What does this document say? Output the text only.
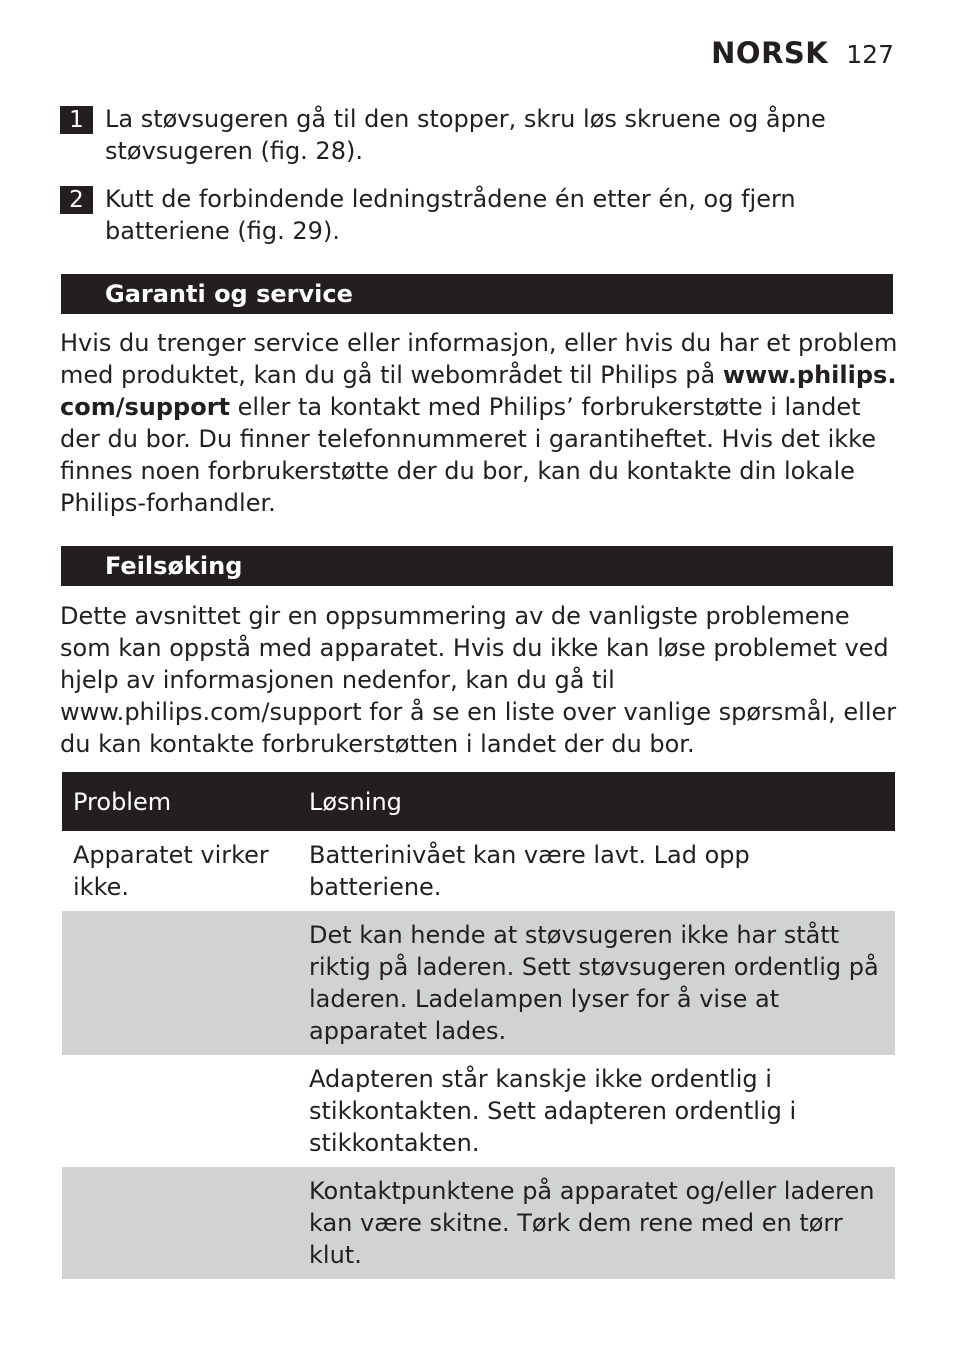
NORSK 127
1 La støvsugeren gå til den stopper, skru løs skruene og åpne støvsugeren (fig. 28).
2 Kutt de forbindende ledningstrådene én etter én, og fjern batteriene (fig. 29).
Garanti og service

Hvis du trenger service eller informasjon, eller hvis du har et problem med produktet, kan du gå til webområdet til Philips på www.philips. com/support eller ta kontakt med Philips’ forbrukerstøtte i landet der du bor. Du finner telefonnummeret i garantiheftet. Hvis det ikke finnes noen forbrukerstøtte der du bor, kan du kontakte din lokale Philips-forhandler.

Feilsøking

Dette avsnittet gir en oppsummering av de vanligste problemene som kan oppstå med apparatet. Hvis du ikke kan løse problemet ved hjelp av informasjonen nedenfor, kan du gå til www.philips.com/support for å se en liste over vanlige spørsmål, eller du kan kontakte forbrukerstøtten i landet der du bor.

Problem	Løsning
Apparatet virker ikke.	Batterinivået kan være lavt. Lad opp batteriene.
	Det kan hende at støvsugeren ikke har stått riktig på laderen. Sett støvsugeren ordentlig på laderen. Ladelampen lyser for å vise at apparatet lades.
	Adapteren står kanskje ikke ordentlig i stikkontakten. Sett adapteren ordentlig i stikkontakten.
	Kontaktpunktene på apparatet og/eller laderen kan være skitne. Tørk dem rene med en tørr klut.
